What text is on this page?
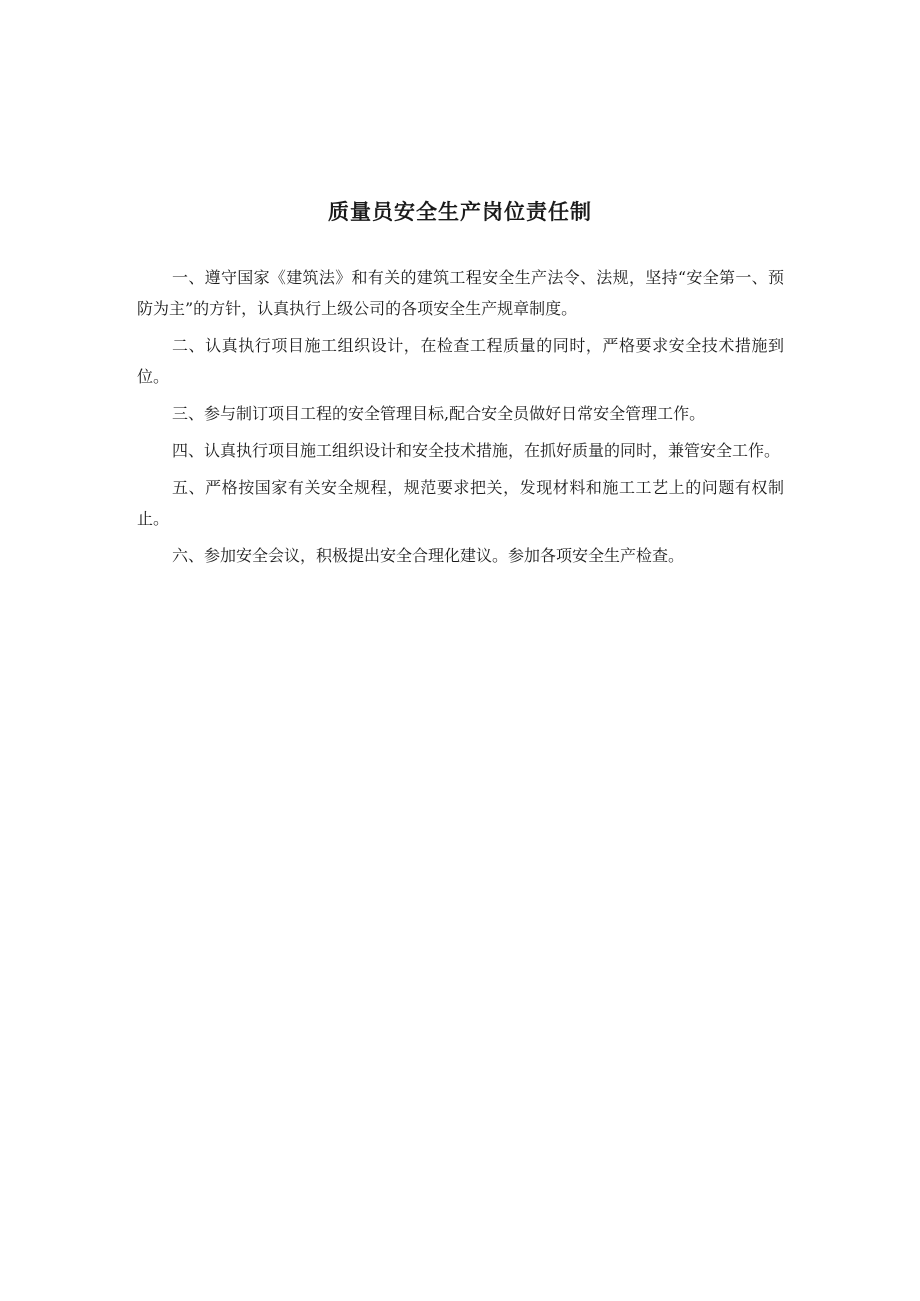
质量员安全生产岗位责任制

一、遵守国家《建筑法》和有关的建筑工程安全生产法令、法规，坚持“安全第一、预防为主”的方针，认真执行上级公司的各项安全生产规章制度。

二、认真执行项目施工组织设计，在检查工程质量的同时，严格要求安全技术措施到位。

三、参与制订项目工程的安全管理目标,配合安全员做好日常安全管理工作。

四、认真执行项目施工组织设计和安全技术措施，在抓好质量的同时，兼管安全工作。

五、严格按国家有关安全规程，规范要求把关，发现材料和施工工艺上的问题有权制止。

六、参加安全会议，积极提出安全合理化建议。参加各项安全生产检查。
